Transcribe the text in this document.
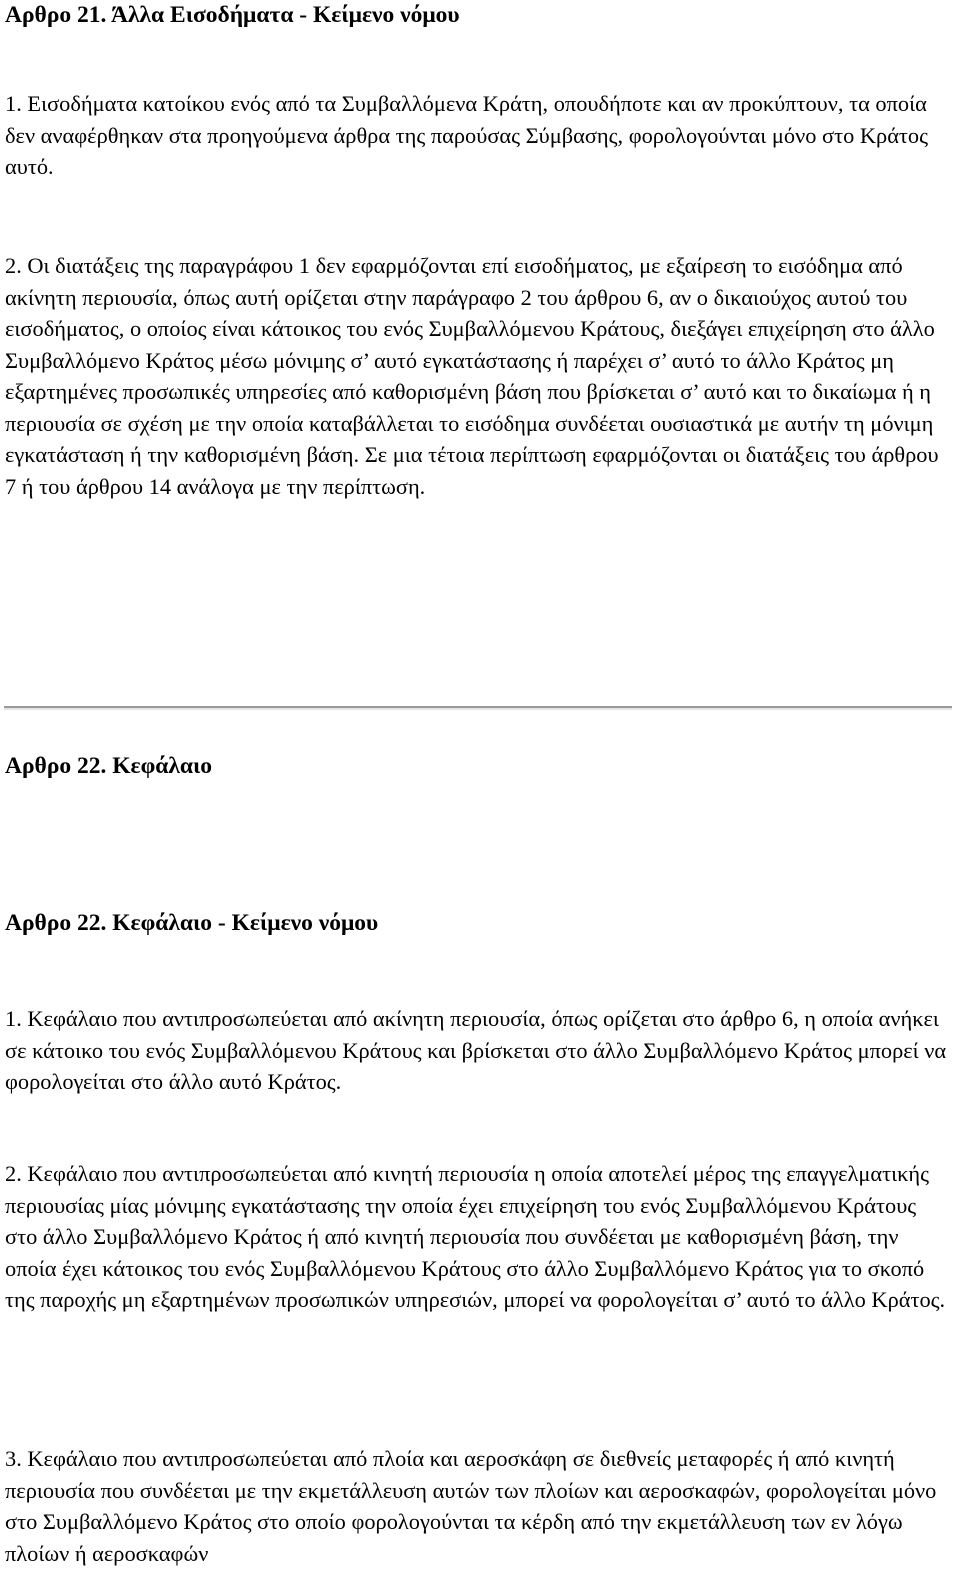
Αρθρο 21. Άλλα Εισοδήματα - Κείμενο νόμου

1. Εισοδήματα κατοίκου ενός από τα Συμβαλλόμενα Κράτη, οπουδήποτε και αν προκύπτουν, τα οποία δεν αναφέρθηκαν στα προηγούμενα άρθρα της παρούσας Σύμβασης, φορολογούνται μόνο στο Κράτος αυτό.

2. Οι διατάξεις της παραγράφου 1 δεν εφαρμόζονται επί εισοδήματος, με εξαίρεση το εισόδημα από ακίνητη περιουσία, όπως αυτή ορίζεται στην παράγραφο 2 του άρθρου 6, αν ο δικαιούχος αυτού του εισοδήματος, ο οποίος είναι κάτοικος του ενός Συμβαλλόμενου Κράτους, διεξάγει επιχείρηση στο άλλο Συμβαλλόμενο Κράτος μέσω μόνιμης σ’ αυτό εγκατάστασης ή παρέχει σ’ αυτό το άλλο Κράτος μη εξαρτημένες προσωπικές υπηρεσίες από καθορισμένη βάση που βρίσκεται σ’ αυτό και το δικαίωμα ή η περιουσία σε σχέση με την οποία καταβάλλεται το εισόδημα συνδέεται ουσιαστικά με αυτήν τη μόνιμη εγκατάσταση ή την καθορισμένη βάση. Σε μια τέτοια περίπτωση εφαρμόζονται οι διατάξεις του άρθρου 7 ή του άρθρου 14 ανάλογα με την περίπτωση.

Αρθρο 22. Κεφάλαιο
Αρθρο 22. Κεφάλαιο - Κείμενο νόμου

1. Κεφάλαιο που αντιπροσωπεύεται από ακίνητη περιουσία, όπως ορίζεται στο άρθρο 6, η οποία ανήκει σε κάτοικο του ενός Συμβαλλόμενου Κράτους και βρίσκεται στο άλλο Συμβαλλόμενο Κράτος μπορεί να φορολογείται στο άλλο αυτό Κράτος.

2. Κεφάλαιο που αντιπροσωπεύεται από κινητή περιουσία η οποία αποτελεί μέρος της επαγγελματικής περιουσίας μίας μόνιμης εγκατάστασης την οποία έχει επιχείρηση του ενός Συμβαλλόμενου Κράτους στο άλλο Συμβαλλόμενο Κράτος ή από κινητή περιουσία που συνδέεται με καθορισμένη βάση, την οποία έχει κάτοικος του ενός Συμβαλλόμενου Κράτους στο άλλο Συμβαλλόμενο Κράτος για το σκοπό της παροχής μη εξαρτημένων προσωπικών υπηρεσιών, μπορεί να φορολογείται σ’ αυτό το άλλο Κράτος.

3. Κεφάλαιο που αντιπροσωπεύεται από πλοία και αεροσκάφη σε διεθνείς μεταφορές ή από κινητή περιουσία που συνδέεται με την εκμετάλλευση αυτών των πλοίων και αεροσκαφών, φορολογείται μόνο στο Συμβαλλόμενο Κράτος στο οποίο φορολογούνται τα κέρδη από την εκμετάλλευση των εν λόγω πλοίων ή αεροσκαφών
